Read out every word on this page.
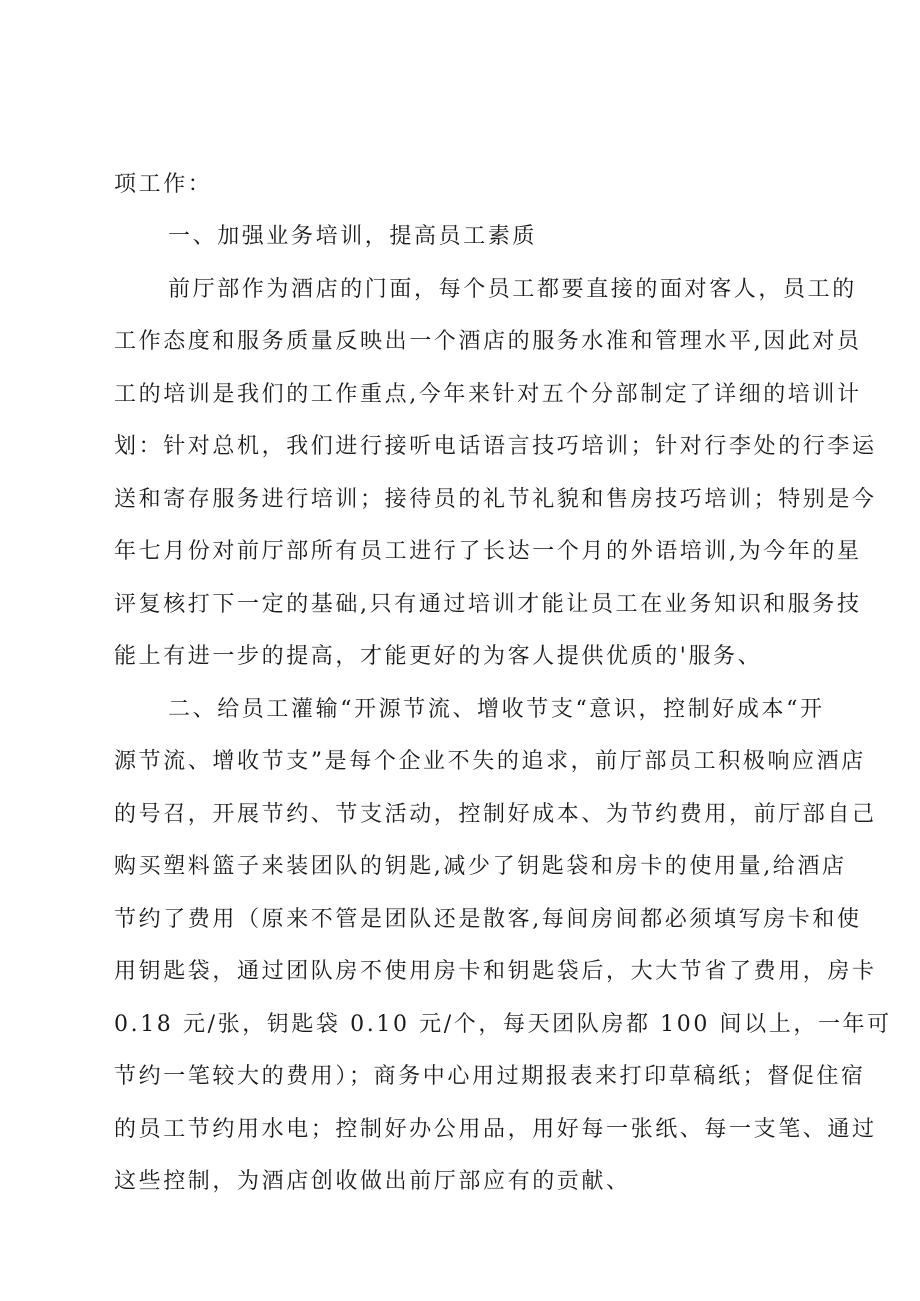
项工作：
一、加强业务培训，提高员工素质
前厅部作为酒店的门面，每个员工都要直接的面对客人，员工的
工作态度和服务质量反映出一个酒店的服务水准和管理水平,因此对员
工的培训是我们的工作重点,今年来针对五个分部制定了详细的培训计
划：针对总机，我们进行接听电话语言技巧培训；针对行李处的行李运
送和寄存服务进行培训；接待员的礼节礼貌和售房技巧培训；特别是今
年七月份对前厅部所有员工进行了长达一个月的外语培训,为今年的星
评复核打下一定的基础,只有通过培训才能让员工在业务知识和服务技
能上有进一步的提高，才能更好的为客人提供优质的'服务、
二、给员工灌输“开源节流、增收节支“意识，控制好成本“开
源节流、增收节支”是每个企业不失的追求，前厅部员工积极响应酒店
的号召，开展节约、节支活动，控制好成本、为节约费用，前厅部自己
购买塑料篮子来装团队的钥匙,减少了钥匙袋和房卡的使用量,给酒店
节约了费用（原来不管是团队还是散客,每间房间都必须填写房卡和使
用钥匙袋，通过团队房不使用房卡和钥匙袋后，大大节省了费用，房卡
0.18 元/张，钥匙袋 0.10 元/个，每天团队房都 100 间以上，一年可
节约一笔较大的费用）；商务中心用过期报表来打印草稿纸；督促住宿
的员工节约用水电；控制好办公用品，用好每一张纸、每一支笔、通过
这些控制，为酒店创收做出前厅部应有的贡献、
